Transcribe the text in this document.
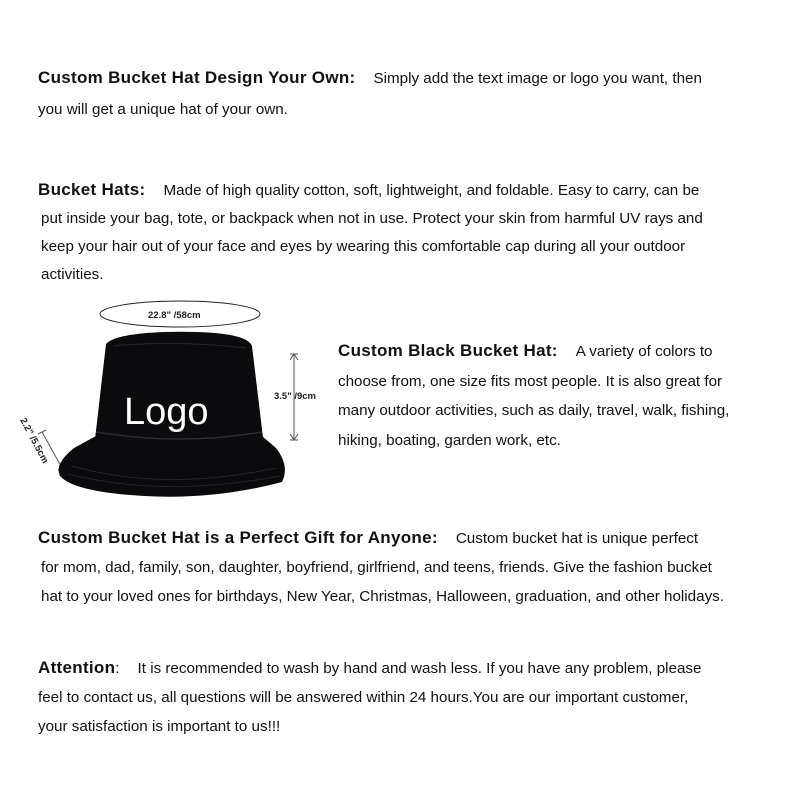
Custom Bucket Hat Design Your Own: Simply add the text image or logo you want, then
you will get a unique hat of your own.
Bucket Hats: Made of high quality cotton, soft, lightweight, and foldable. Easy to carry, can be
put inside your bag, tote, or backpack when not in use. Protect your skin from harmful UV rays and
keep your hair out of your face and eyes by wearing this comfortable cap during all your outdoor
activities.
22.8" /58cm
3.5" /9cm
2.2" /5.5cm
Logo
Custom Black Bucket Hat: A variety of colors to
choose from, one size fits most people. It is also great for
many outdoor activities, such as daily, travel, walk, fishing,
hiking, boating, garden work, etc.
Custom Bucket Hat is a Perfect Gift for Anyone: Custom bucket hat is unique perfect
for mom, dad, family, son, daughter, boyfriend, girlfriend, and teens, friends. Give the fashion bucket
hat to your loved ones for birthdays, New Year, Christmas, Halloween, graduation, and other holidays.
Attention: It is recommended to wash by hand and wash less. If you have any problem, please
feel to contact us, all questions will be answered within 24 hours.You are our important customer,
your satisfaction is important to us!!!
